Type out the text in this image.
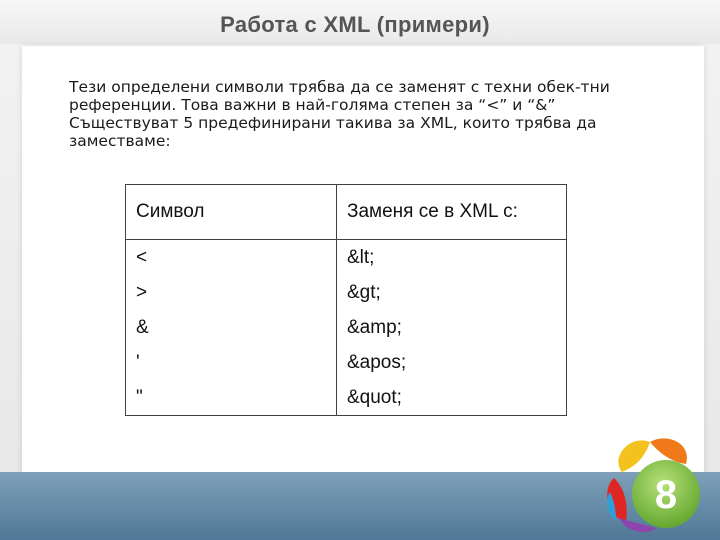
Работа с XML (примери)
Тези определени символи трябва да се заменят с техни обек-тни
референции. Това важни в най-голяма степен за “<” и “&”
Съществуват 5 предефинирани такива за XML, които трябва да
заместваме:
Символ	Заменя се в XML с:
<	&lt;
>	&gt;
&	&amp;
'	&apos;
"	&quot;
8
